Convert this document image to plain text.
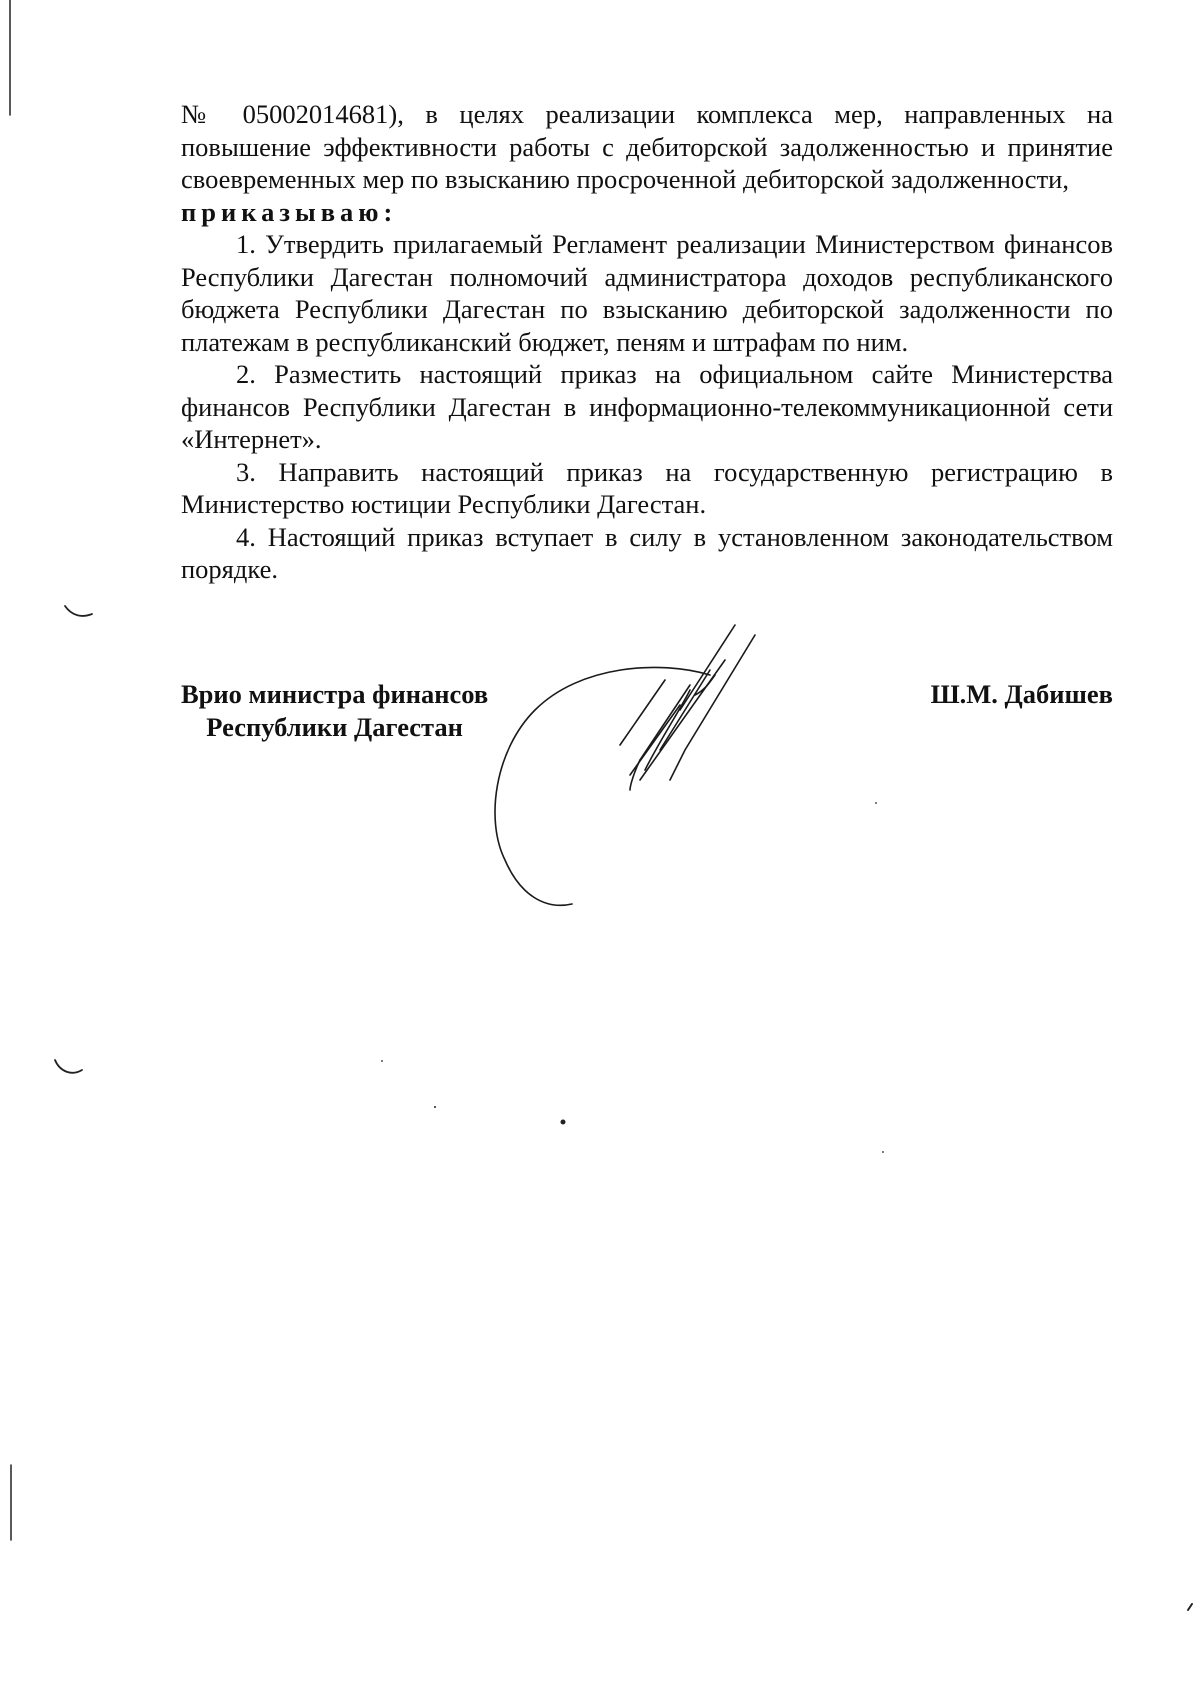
№ 05002014681), в целях реализации комплекса мер, направленных на повышение эффективности работы с дебиторской задолженностью и принятие своевременных мер по взысканию просроченной дебиторской задолженности,

приказываю:

1. Утвердить прилагаемый Регламент реализации Министерством финансов Республики Дагестан полномочий администратора доходов республиканского бюджета Республики Дагестан по взысканию дебиторской задолженности по платежам в республиканский бюджет, пеням и штрафам по ним.

2. Разместить настоящий приказ на официальном сайте Министерства финансов Республики Дагестан в информационно-телекоммуникационной сети «Интернет».

3. Направить настоящий приказ на государственную регистрацию в Министерство юстиции Республики Дагестан.

4. Настоящий приказ вступает в силу в установленном законодательством порядке.

Врио министра финансов
Республики Дагестан
Ш.М. Дабишев
